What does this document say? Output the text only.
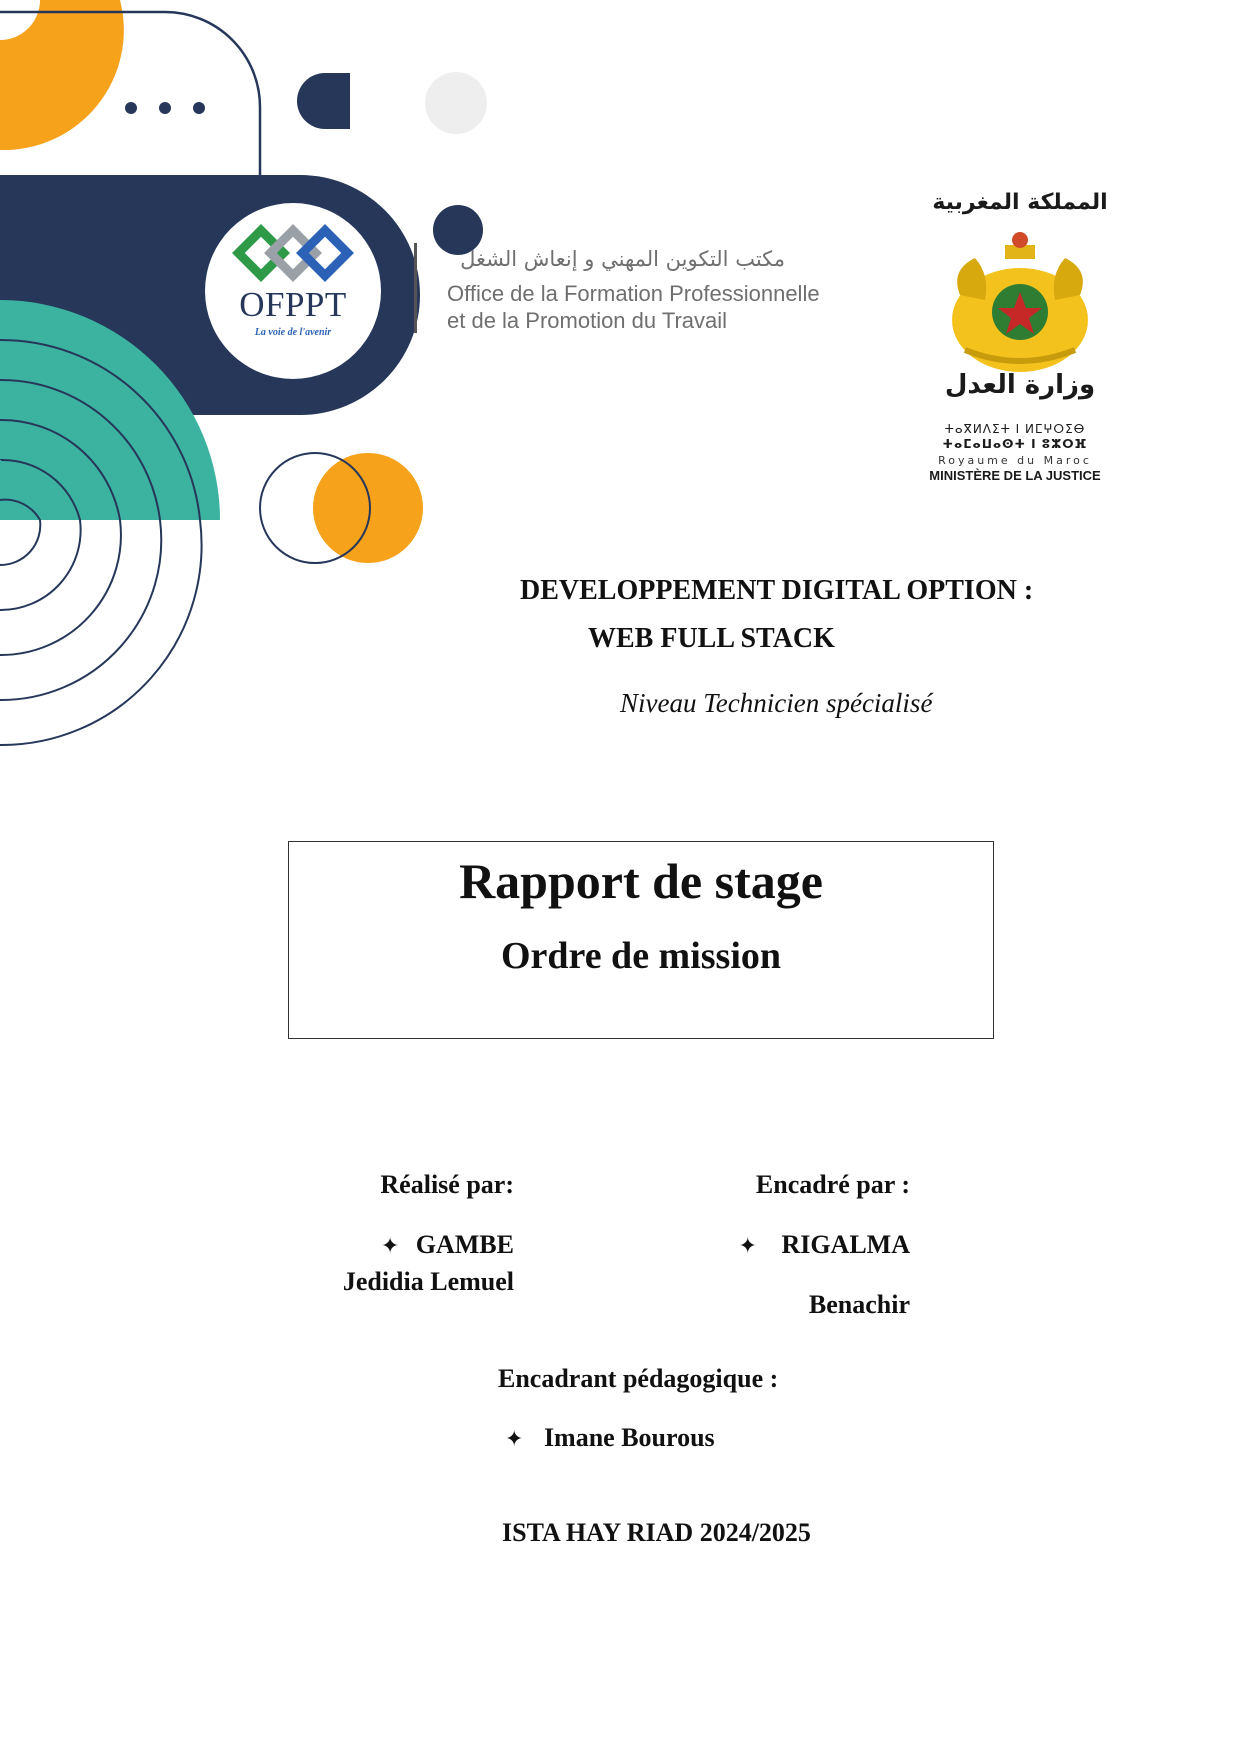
OFPPT
La voie de l'avenir
مكتب التكوين المهني و إنعاش الشغل
Office de la Formation Professionnelle
et de la Promotion du Travail
المملكة المغربية
وزارة العدل
ⵜⴰⴳⵍⴷⵉⵜ ⵏ ⵍⵎⵖⵔⵉⴱ
ⵜⴰⵎⴰⵡⴰⵙⵜ ⵏ ⵓⵣⵔⴼ
Royaume du Maroc
MINISTÈRE DE LA JUSTICE
DEVELOPPEMENT DIGITAL OPTION :
WEB FULL STACK
Niveau Technicien spécialisé
Rapport de stage
Ordre de mission
Réalisé par:
✦ GAMBE
Jedidia Lemuel
Encadré par :
✦ RIGALMA
Benachir
Encadrant pédagogique :
✦ Imane Bourous
ISTA HAY RIAD 2024/2025
